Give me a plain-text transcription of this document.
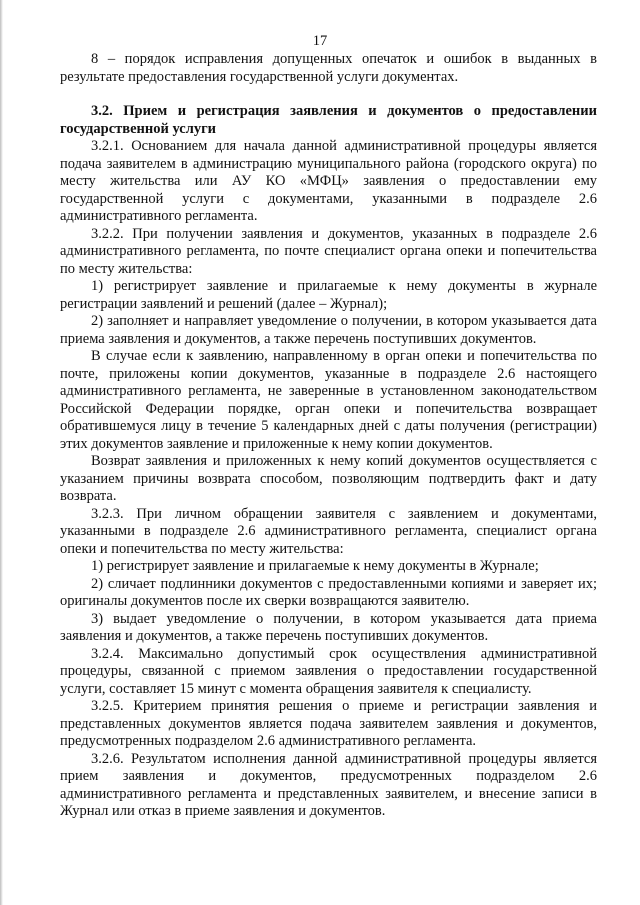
17

8 – порядок исправления допущенных опечаток и ошибок в выданных в результате предоставления государственной услуги документах.

3.2. Прием и регистрация заявления и документов о предоставлении государственной услуги

3.2.1. Основанием для начала данной административной процедуры является подача заявителем в администрацию муниципального района (городского округа) по месту жительства или АУ КО «МФЦ» заявления о предоставлении ему государственной услуги с документами, указанными в подразделе 2.6 административного регламента.

3.2.2. При получении заявления и документов, указанных в подразделе 2.6 административного регламента, по почте специалист органа опеки и попечительства по месту жительства:

1) регистрирует заявление и прилагаемые к нему документы в журнале регистрации заявлений и решений (далее – Журнал);

2) заполняет и направляет уведомление о получении, в котором указывается дата приема заявления и документов, а также перечень поступивших документов.

В случае если к заявлению, направленному в орган опеки и попечительства по почте, приложены копии документов, указанные в подразделе 2.6 настоящего административного регламента, не заверенные в установленном законодательством Российской Федерации порядке, орган опеки и попечительства возвращает обратившемуся лицу в течение 5 календарных дней с даты получения (регистрации) этих документов заявление и приложенные к нему копии документов.

Возврат заявления и приложенных к нему копий документов осуществляется с указанием причины возврата способом, позволяющим подтвердить факт и дату возврата.

3.2.3. При личном обращении заявителя с заявлением и документами, указанными в подразделе 2.6 административного регламента, специалист органа опеки и попечительства по месту жительства:

1) регистрирует заявление и прилагаемые к нему документы в Журнале;

2) сличает подлинники документов с предоставленными копиями и заверяет их; оригиналы документов после их сверки возвращаются заявителю.

3) выдает уведомление о получении, в котором указывается дата приема заявления и документов, а также перечень поступивших документов.

3.2.4. Максимально допустимый срок осуществления административной процедуры, связанной с приемом заявления о предоставлении государственной услуги, составляет 15 минут с момента обращения заявителя к специалисту.

3.2.5. Критерием принятия решения о приеме и регистрации заявления и представленных документов является подача заявителем заявления и документов, предусмотренных подразделом 2.6 административного регламента.

3.2.6. Результатом исполнения данной административной процедуры является прием заявления и документов, предусмотренных подразделом 2.6 административного регламента и представленных заявителем, и внесение записи в Журнал или отказ в приеме заявления и документов.
